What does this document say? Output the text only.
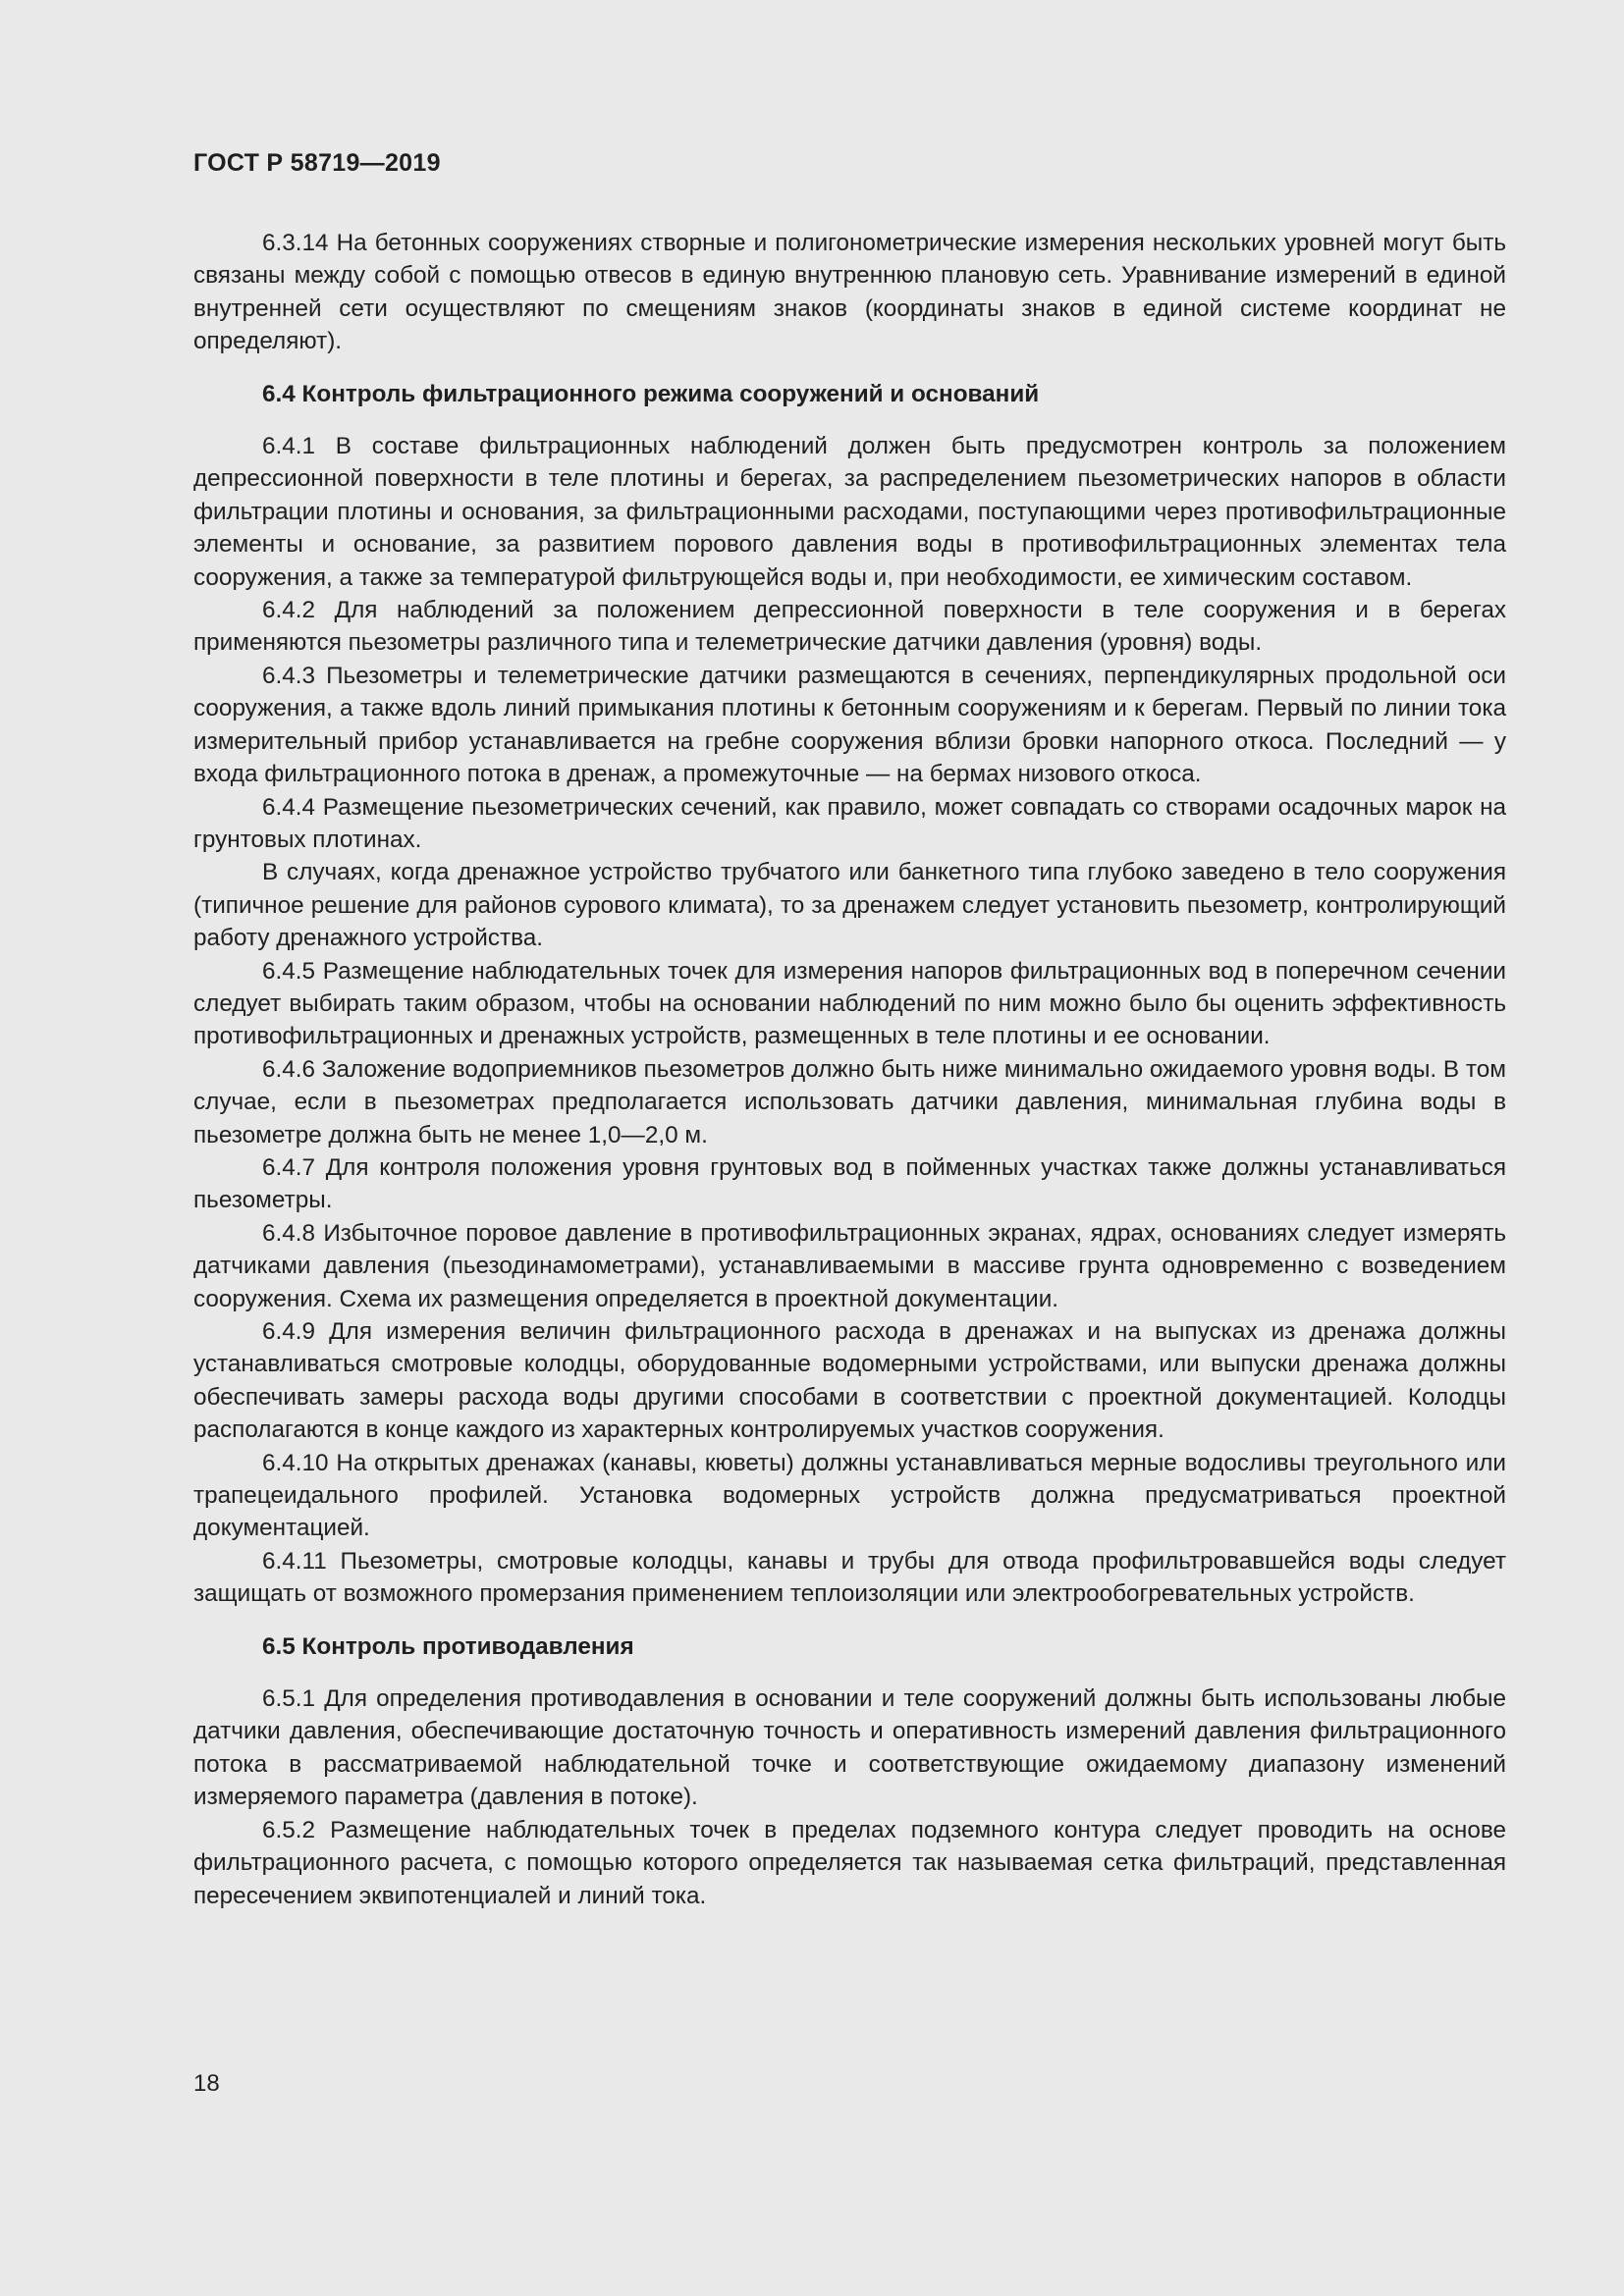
ГОСТ Р 58719—2019

6.3.14 На бетонных сооружениях створные и полигонометрические измерения нескольких уровней могут быть связаны между собой с помощью отвесов в единую внутреннюю плановую сеть. Уравнивание измерений в единой внутренней сети осуществляют по смещениям знаков (координаты знаков в единой системе координат не определяют).

6.4 Контроль фильтрационного режима сооружений и оснований

6.4.1 В составе фильтрационных наблюдений должен быть предусмотрен контроль за положением депрессионной поверхности в теле плотины и берегах, за распределением пьезометрических напоров в области фильтрации плотины и основания, за фильтрационными расходами, поступающими через противофильтрационные элементы и основание, за развитием порового давления воды в противофильтрационных элементах тела сооружения, а также за температурой фильтрующейся воды и, при необходимости, ее химическим составом.

6.4.2 Для наблюдений за положением депрессионной поверхности в теле сооружения и в берегах применяются пьезометры различного типа и телеметрические датчики давления (уровня) воды.

6.4.3 Пьезометры и телеметрические датчики размещаются в сечениях, перпендикулярных продольной оси сооружения, а также вдоль линий примыкания плотины к бетонным сооружениям и к берегам. Первый по линии тока измерительный прибор устанавливается на гребне сооружения вблизи бровки напорного откоса. Последний — у входа фильтрационного потока в дренаж, а промежуточные — на бермах низового откоса.

6.4.4 Размещение пьезометрических сечений, как правило, может совпадать со створами осадочных марок на грунтовых плотинах.

В случаях, когда дренажное устройство трубчатого или банкетного типа глубоко заведено в тело сооружения (типичное решение для районов сурового климата), то за дренажем следует установить пьезометр, контролирующий работу дренажного устройства.

6.4.5 Размещение наблюдательных точек для измерения напоров фильтрационных вод в поперечном сечении следует выбирать таким образом, чтобы на основании наблюдений по ним можно было бы оценить эффективность противофильтрационных и дренажных устройств, размещенных в теле плотины и ее основании.

6.4.6 Заложение водоприемников пьезометров должно быть ниже минимально ожидаемого уровня воды. В том случае, если в пьезометрах предполагается использовать датчики давления, минимальная глубина воды в пьезометре должна быть не менее 1,0—2,0 м.

6.4.7 Для контроля положения уровня грунтовых вод в пойменных участках также должны устанавливаться пьезометры.

6.4.8 Избыточное поровое давление в противофильтрационных экранах, ядрах, основаниях следует измерять датчиками давления (пьезодинамометрами), устанавливаемыми в массиве грунта одновременно с возведением сооружения. Схема их размещения определяется в проектной документации.

6.4.9 Для измерения величин фильтрационного расхода в дренажах и на выпусках из дренажа должны устанавливаться смотровые колодцы, оборудованные водомерными устройствами, или выпуски дренажа должны обеспечивать замеры расхода воды другими способами в соответствии с проектной документацией. Колодцы располагаются в конце каждого из характерных контролируемых участков сооружения.

6.4.10 На открытых дренажах (канавы, кюветы) должны устанавливаться мерные водосливы треугольного или трапецеидального профилей. Установка водомерных устройств должна предусматриваться проектной документацией.

6.4.11 Пьезометры, смотровые колодцы, канавы и трубы для отвода профильтровавшейся воды следует защищать от возможного промерзания применением теплоизоляции или электрообогревательных устройств.

6.5 Контроль противодавления

6.5.1 Для определения противодавления в основании и теле сооружений должны быть использованы любые датчики давления, обеспечивающие достаточную точность и оперативность измерений давления фильтрационного потока в рассматриваемой наблюдательной точке и соответствующие ожидаемому диапазону изменений измеряемого параметра (давления в потоке).

6.5.2 Размещение наблюдательных точек в пределах подземного контура следует проводить на основе фильтрационного расчета, с помощью которого определяется так называемая сетка фильтраций, представленная пересечением эквипотенциалей и линий тока.

18
